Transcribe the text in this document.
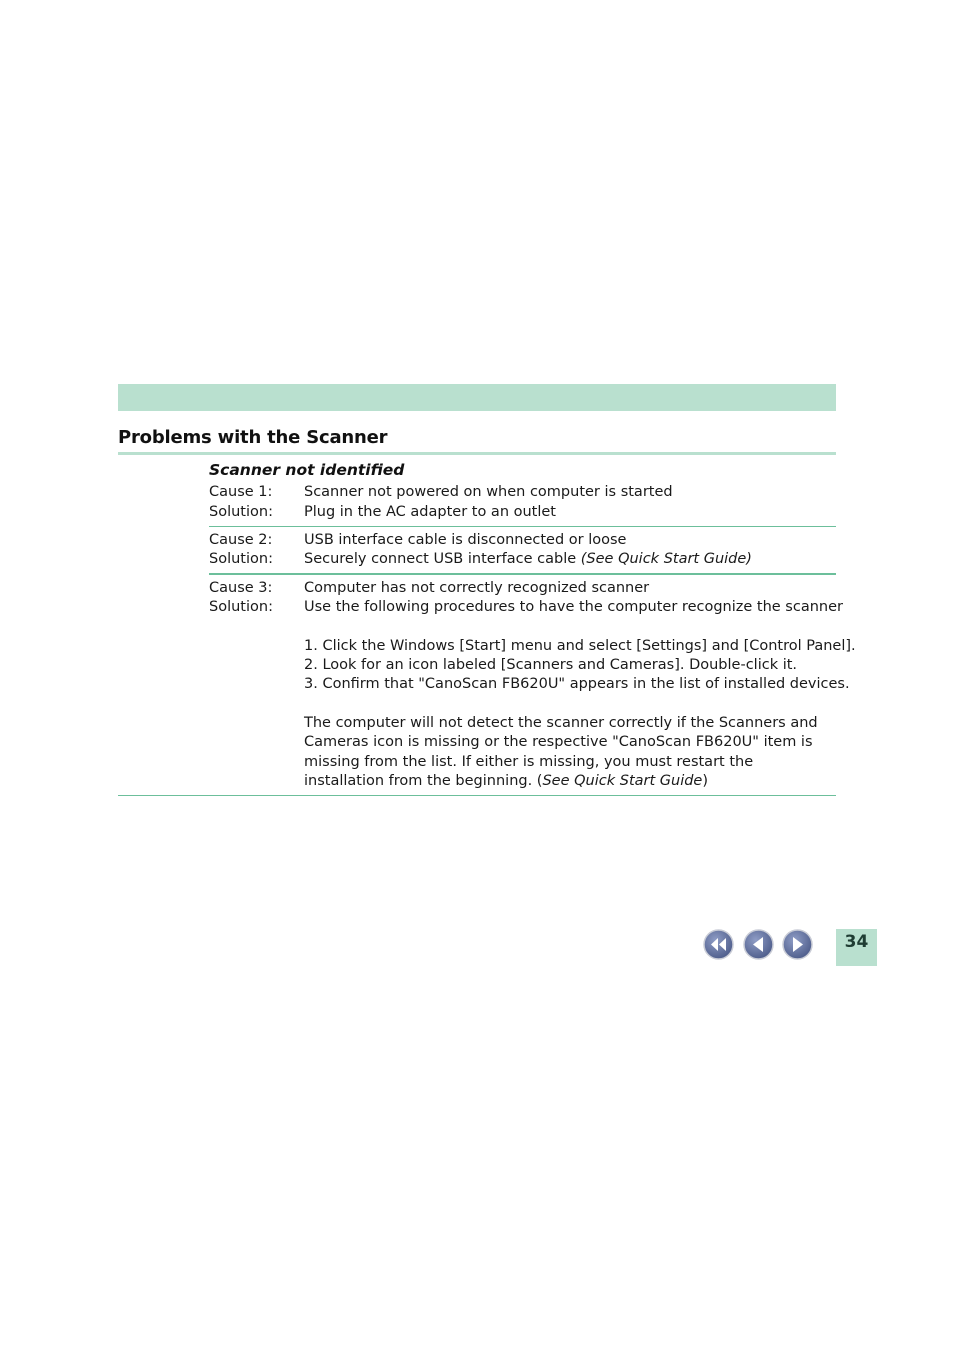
Problems with the Scanner
Scanner not identified
Cause 1: Scanner not powered on when computer is started
Solution: Plug in the AC adapter to an outlet
Cause 2: USB interface cable is disconnected or loose
Solution: Securely connect USB interface cable (See Quick Start Guide)
Cause 3: Computer has not correctly recognized scanner
Solution: Use the following procedures to have the computer recognize the scanner
1. Click the Windows [Start] menu and select [Settings] and [Control Panel].
2. Look for an icon labeled [Scanners and Cameras]. Double-click it.
3. Confirm that "CanoScan FB620U" appears in the list of installed devices.
The computer will not detect the scanner correctly if the Scanners and Cameras icon is missing or the respective "CanoScan FB620U" item is missing from the list. If either is missing, you must restart the installation from the beginning. (See Quick Start Guide)
34
